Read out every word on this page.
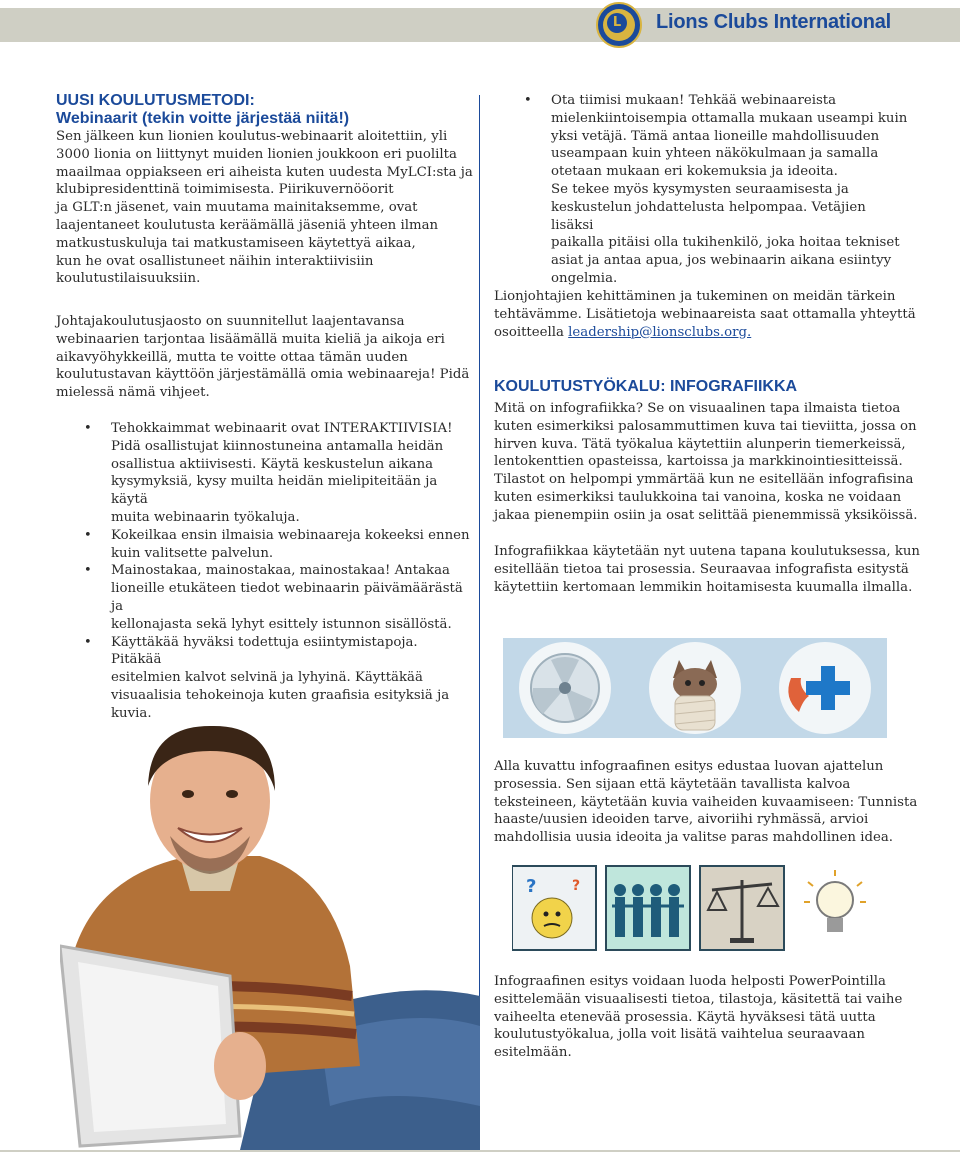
L Lions Clubs International
UUSI KOULUTUSMETODI:
Webinaarit (tekin voitte järjestää niitä!)
Sen jälkeen kun lionien koulutus-webinaarit aloitettiin, yli
3000 lionia on liittynyt muiden lionien joukkoon eri puolilta
maailmaa oppiakseen eri aiheista kuten uudesta MyLCI:sta ja
klubipresidenttinä toimimisesta. Piirikuvernööorit
ja GLT:n jäsenet, vain muutama mainitaksemme, ovat
laajentaneet koulutusta keräämällä jäseniä yhteen ilman
matkustuskuluja tai matkustamiseen käytettyä aikaa,
kun he ovat osallistuneet näihin interaktiivisiin
koulutustilaisuuksiin.
Johtajakoulutusjaosto on suunnitellut laajentavansa
webinaarien tarjontaa lisäämällä muita kieliä ja aikoja eri
aikavyöhykkeillä, mutta te voitte ottaa tämän uuden
koulutustavan käyttöön järjestämällä omia webinaareja! Pidä
mielessä nämä vihjeet.
• Tehokkaimmat webinaarit ovat INTERAKTIIVISIA!
Pidä osallistujat kiinnostuneina antamalla heidän
osallistua aktiivisesti. Käytä keskustelun aikana
kysymyksiä, kysy muilta heidän mielipiteitään ja käytä
muita webinaarin työkaluja.
• Kokeilkaa ensin ilmaisia webinaareja kokeeksi ennen
kuin valitsette palvelun.
• Mainostakaa, mainostakaa, mainostakaa! Antakaa
lioneille etukäteen tiedot webinaarin päivämäärästä ja
kellonajasta sekä lyhyt esittely istunnon sisällöstä.
• Käyttäkää hyväksi todettuja esiintymistapoja. Pitäkää
esitelmien kalvot selvinä ja lyhyinä. Käyttäkää
visuaalisia tehokeinoja kuten graafisia esityksiä ja
kuvia.
• Ota tiimisi mukaan! Tehkää webinaareista
mielenkiintoisempia ottamalla mukaan useampi kuin
yksi vetäjä. Tämä antaa lioneille mahdollisuuden
useampaan kuin yhteen näkökulmaan ja samalla
otetaan mukaan eri kokemuksia ja ideoita.
Se tekee myös kysymysten seuraamisesta ja
keskustelun johdattelusta helpompaa. Vetäjien lisäksi
paikalla pitäisi olla tukihenkilö, joka hoitaa tekniset
asiat ja antaa apua, jos webinaarin aikana esiintyy
ongelmia.
Lionjohtajien kehittäminen ja tukeminen on meidän tärkein
tehtävämme. Lisätietoja webinaareista saat ottamalla yhteyttä
osoitteella leadership@lionsclubs.org.
KOULUTUSTYÖKALU: INFOGRAFIIKKA
Mitä on infografiikka? Se on visuaalinen tapa ilmaista tietoa
kuten esimerkiksi palosammuttimen kuva tai tieviitta, jossa on
hirven kuva. Tätä työkalua käytettiin alunperin tiemerkeissä,
lentokenttien opasteissa, kartoissa ja markkinointiesitteissä.
Tilastot on helpompi ymmärtää kun ne esitellään infografisina
kuten esimerkiksi taulukkoina tai vanoina, koska ne voidaan
jakaa pienempiin osiin ja osat selittää pienemmissä yksiköissä.
Infografiikkaa käytetään nyt uutena tapana koulutuksessa, kun
esitellään tietoa tai prosessia. Seuraavaa infografista esitystä
käytettiin kertomaan lemmikin hoitamisesta kuumalla ilmalla.
Alla kuvattu infograafinen esitys edustaa luovan ajattelun
prosessia. Sen sijaan että käytetään tavallista kalvoa
teksteineen, käytetään kuvia vaiheiden kuvaamiseen: Tunnista
haaste/uusien ideoiden tarve, aivoriihi ryhmässä, arvioi
mahdollisia uusia ideoita ja valitse paras mahdollinen idea.
?	?
Infograafinen esitys voidaan luoda helposti PowerPointilla
esittelemään visuaalisesti tietoa, tilastoja, käsitettä tai vaihe
vaiheelta etenevää prosessia. Käytä hyväksesi tätä uutta
koulutustyökalua, jolla voit lisätä vaihtelua seuraavaan
esitelmään.
